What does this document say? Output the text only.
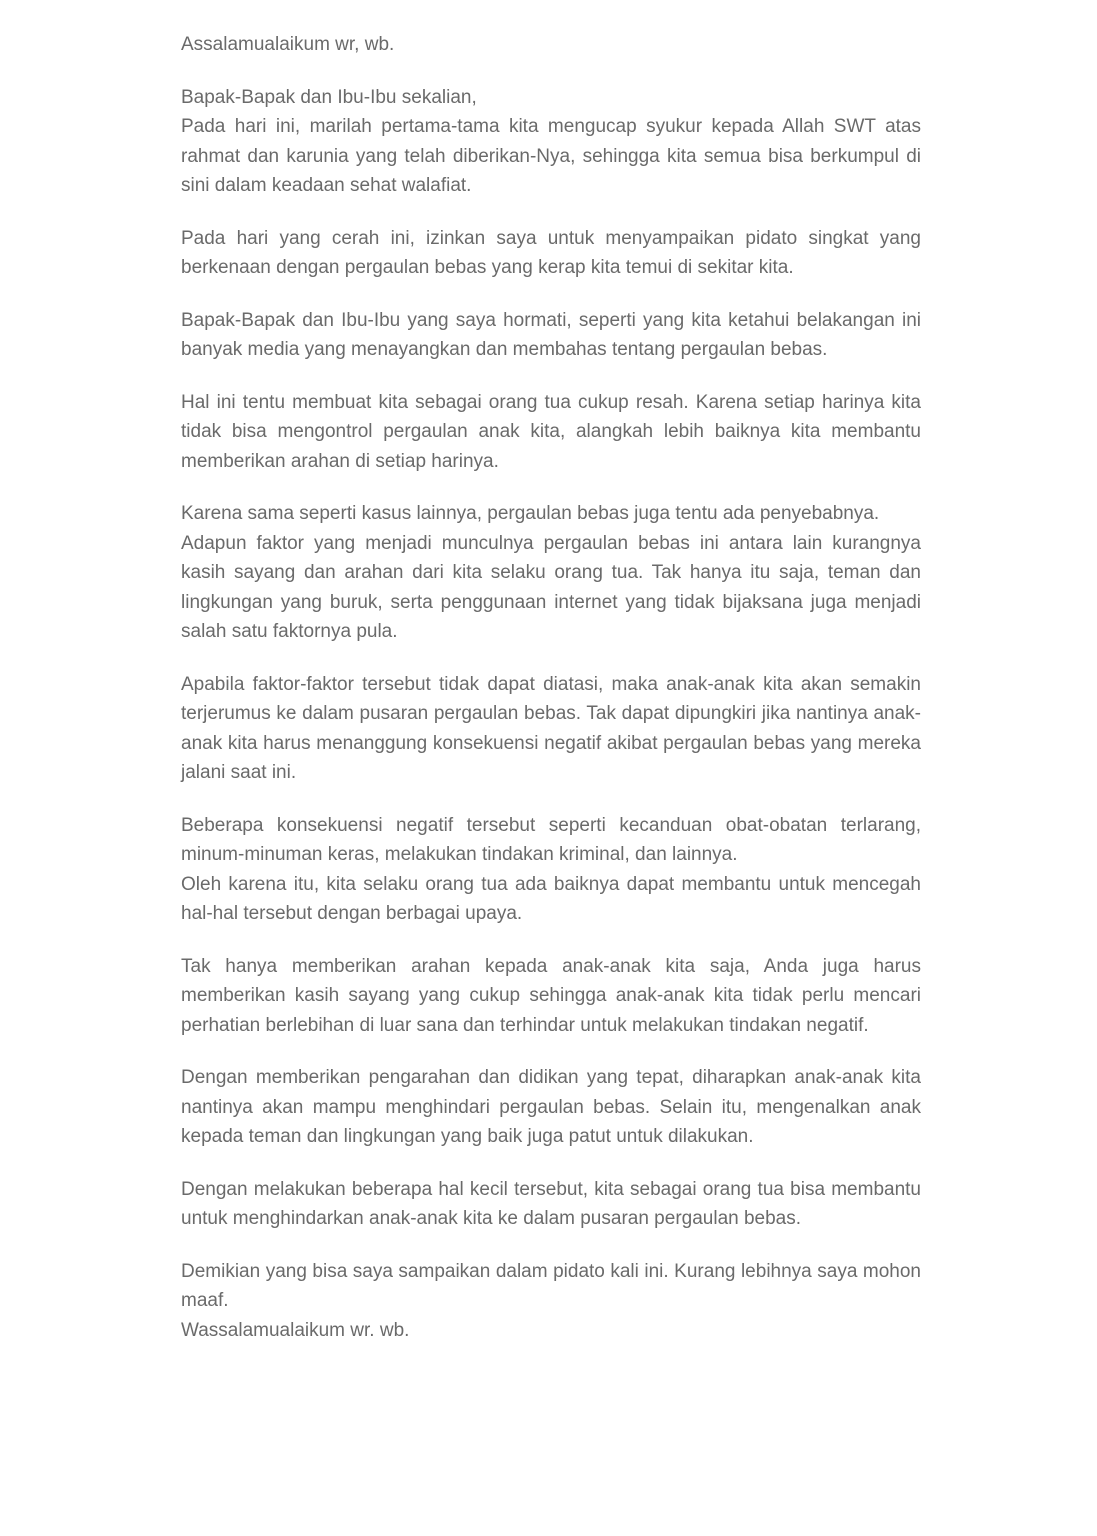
Assalamualaikum wr, wb.
Bapak-Bapak dan Ibu-Ibu sekalian,
Pada hari ini, marilah pertama-tama kita mengucap syukur kepada Allah SWT atas rahmat dan karunia yang telah diberikan-Nya, sehingga kita semua bisa berkumpul di sini dalam keadaan sehat walafiat.
Pada hari yang cerah ini, izinkan saya untuk menyampaikan pidato singkat yang berkenaan dengan pergaulan bebas yang kerap kita temui di sekitar kita.
Bapak-Bapak dan Ibu-Ibu yang saya hormati, seperti yang kita ketahui belakangan ini banyak media yang menayangkan dan membahas tentang pergaulan bebas.
Hal ini tentu membuat kita sebagai orang tua cukup resah. Karena setiap harinya kita tidak bisa mengontrol pergaulan anak kita, alangkah lebih baiknya kita membantu memberikan arahan di setiap harinya.
Karena sama seperti kasus lainnya, pergaulan bebas juga tentu ada penyebabnya.
Adapun faktor yang menjadi munculnya pergaulan bebas ini antara lain kurangnya kasih sayang dan arahan dari kita selaku orang tua. Tak hanya itu saja, teman dan lingkungan yang buruk, serta penggunaan internet yang tidak bijaksana juga menjadi salah satu faktornya pula.
Apabila faktor-faktor tersebut tidak dapat diatasi, maka anak-anak kita akan semakin terjerumus ke dalam pusaran pergaulan bebas. Tak dapat dipungkiri jika nantinya anak-anak kita harus menanggung konsekuensi negatif akibat pergaulan bebas yang mereka jalani saat ini.
Beberapa konsekuensi negatif tersebut seperti kecanduan obat-obatan terlarang, minum-minuman keras, melakukan tindakan kriminal, dan lainnya.
Oleh karena itu, kita selaku orang tua ada baiknya dapat membantu untuk mencegah hal-hal tersebut dengan berbagai upaya.
Tak hanya memberikan arahan kepada anak-anak kita saja, Anda juga harus memberikan kasih sayang yang cukup sehingga anak-anak kita tidak perlu mencari perhatian berlebihan di luar sana dan terhindar untuk melakukan tindakan negatif.
Dengan memberikan pengarahan dan didikan yang tepat, diharapkan anak-anak kita nantinya akan mampu menghindari pergaulan bebas. Selain itu, mengenalkan anak kepada teman dan lingkungan yang baik juga patut untuk dilakukan.
Dengan melakukan beberapa hal kecil tersebut, kita sebagai orang tua bisa membantu untuk menghindarkan anak-anak kita ke dalam pusaran pergaulan bebas.
Demikian yang bisa saya sampaikan dalam pidato kali ini. Kurang lebihnya saya mohon maaf.
Wassalamualaikum wr. wb.
